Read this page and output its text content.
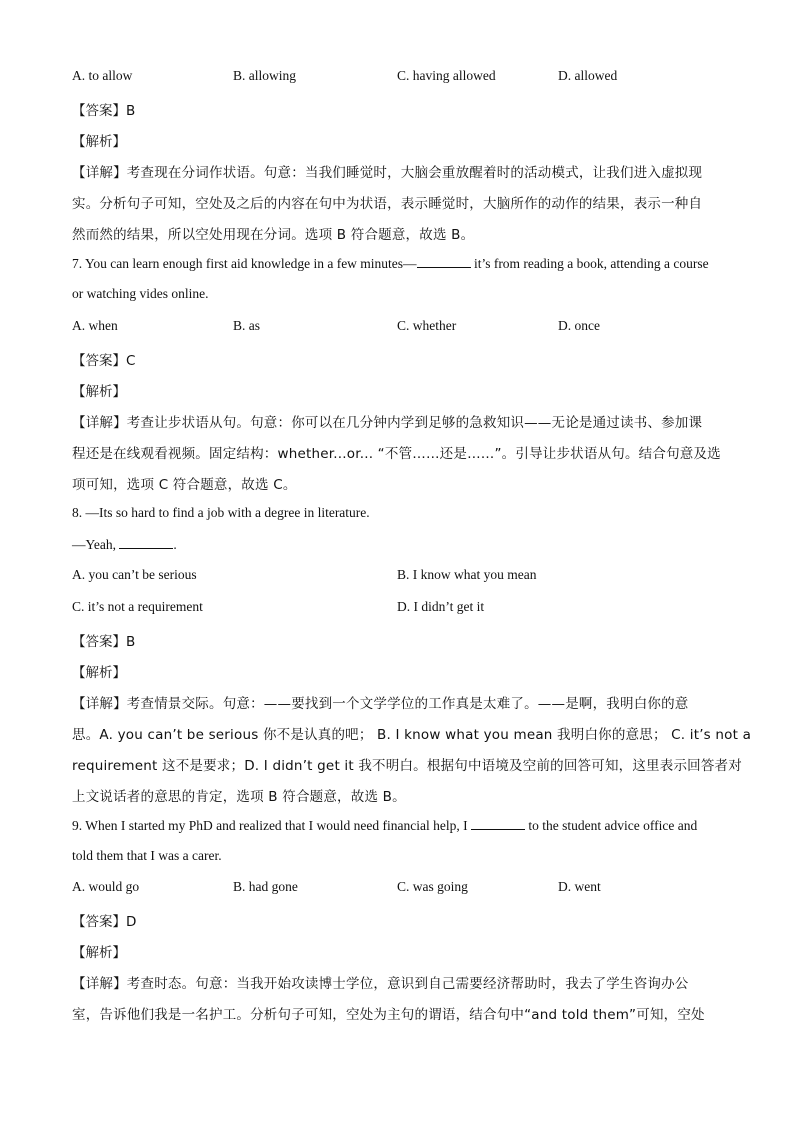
A. to allow	B. allowing	C. having allowed	D. allowed
【答案】B
【解析】
【详解】考查现在分词作状语。句意：当我们睡觉时，大脑会重放醒着时的活动模式，让我们进入虚拟现
实。分析句子可知，空处及之后的内容在句中为状语，表示睡觉时，大脑所作的动作的结果，表示一种自
然而然的结果，所以空处用现在分词。选项 B 符合题意，故选 B。
7. You can learn enough first aid knowledge in a few minutes—	it’s from reading a book, attending a course
or watching vides online.
A. when	B. as	C. whether	D. once
【答案】C
【解析】
【详解】考查让步状语从句。句意：你可以在几分钟内学到足够的急救知识——无论是通过读书、参加课
程还是在线观看视频。固定结构：whether...or... “不管……还是……”。引导让步状语从句。结合句意及选
项可知，选项 C 符合题意，故选 C。
8. —Its so hard to find a job with a degree in literature.
—Yeah,	.
A. you can’t be serious	B. I know what you mean
C. it’s not a requirement	D. I didn’t get it
【答案】B
【解析】
【详解】考查情景交际。句意：——要找到一个文学学位的工作真是太难了。——是啊，我明白你的意
思。A. you can’t be serious 你不是认真的吧； B. I know what you mean 我明白你的意思； C. it’s not a
requirement 这不是要求；D. I didn’t get it 我不明白。根据句中语境及空前的回答可知，这里表示回答者对
上文说话者的意思的肯定，选项 B 符合题意，故选 B。
9. When I started my PhD and realized that I would need financial help, I	to the student advice office and
told them that I was a carer.
A. would go	B. had gone	C. was going	D. went
【答案】D
【解析】
【详解】考查时态。句意：当我开始攻读博士学位，意识到自己需要经济帮助时，我去了学生咨询办公
室，告诉他们我是一名护工。分析句子可知，空处为主句的谓语，结合句中“and told them”可知，空处
